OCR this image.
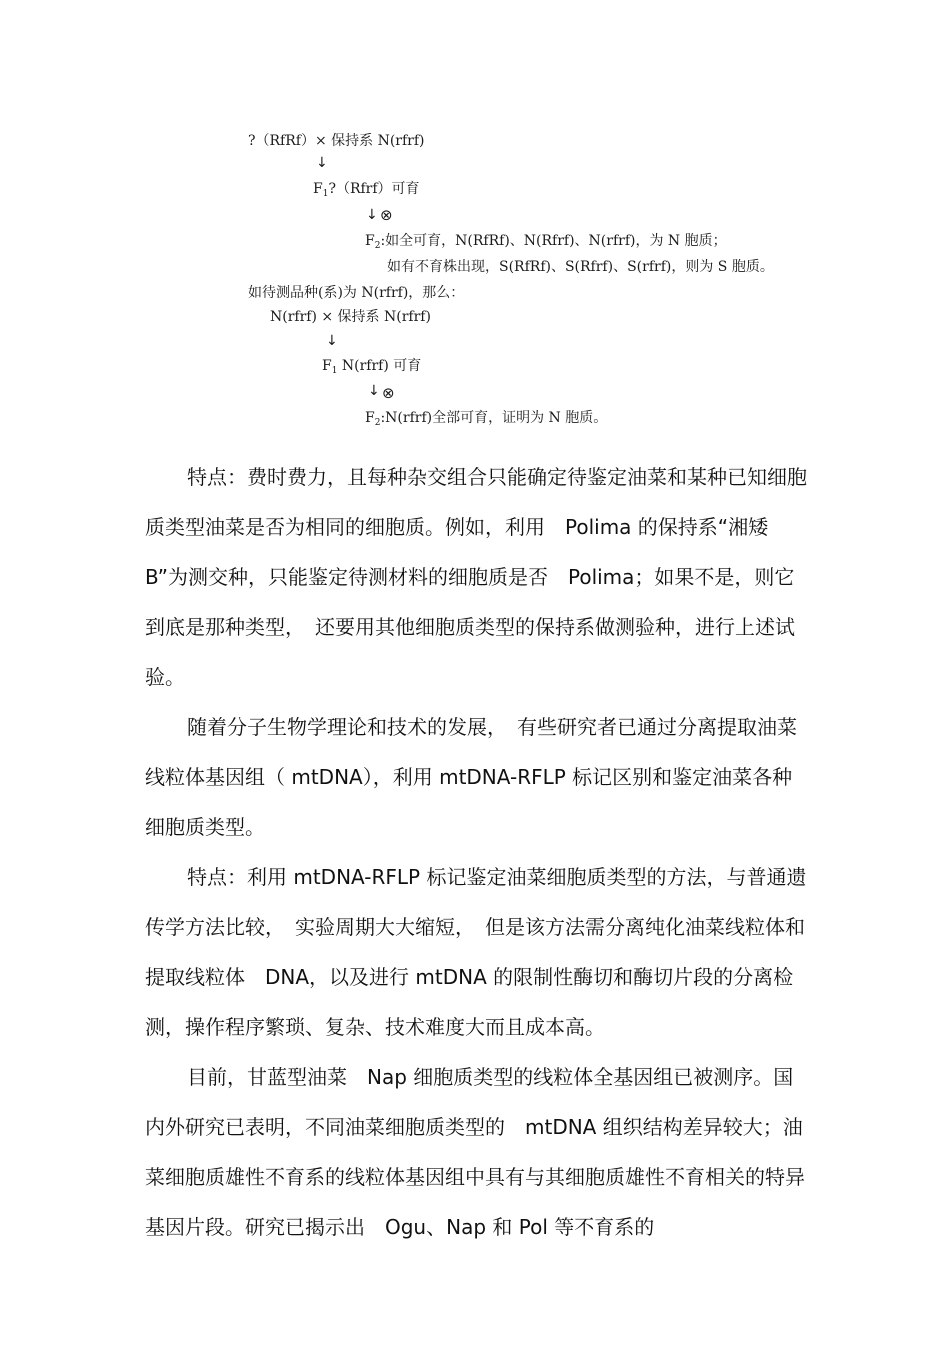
?（RfRf）× 保持系 N(rfrf)
↓
$F_1?(Rfrf)$可育
↓ ⊗
$F_2$:如全可育，N(RfRf)、N(Rfrf)、N(rfrf)，为 N 胞质；
如有不育株出现，S(RfRf)、S(Rfrf)、S(rfrf)，则为 S 胞质。
如待测品种(系)为 N(rfrf)，那么：
N(rfrf) × 保持系 N(rfrf)
↓
$F_1$ N(rfrf) 可育
↓ ⊗
$F_2:N(rfrf)$全部可育，证明为 N 胞质。

特点：费时费力，且每种杂交组合只能确定待鉴定油菜和某种已知细胞质类型油菜是否为相同的细胞质。例如，利用　Polima 的保持系“湘矮 B”为测交种，只能鉴定待测材料的细胞质是否　Polima；如果不是，则它到底是那种类型，　还要用其他细胞质类型的保持系做测验种，进行上述试验。

随着分子生物学理论和技术的发展，　有些研究者已通过分离提取油菜线粒体基因组（ mtDNA），利用 mtDNA-RFLP 标记区别和鉴定油菜各种细胞质类型。

特点：利用 mtDNA-RFLP 标记鉴定油菜细胞质类型的方法，与普通遗传学方法比较，　实验周期大大缩短，　但是该方法需分离纯化油菜线粒体和提取线粒体　DNA，以及进行 mtDNA 的限制性酶切和酶切片段的分离检测，操作程序繁琐、复杂、技术难度大而且成本高。

目前，甘蓝型油菜　Nap 细胞质类型的线粒体全基因组已被测序。国内外研究已表明，不同油菜细胞质类型的　mtDNA 组织结构差异较大；油菜细胞质雄性不育系的线粒体基因组中具有与其细胞质雄性不育相关的特异基因片段。研究已揭示出　Ogu、Nap 和 Pol 等不育系的
